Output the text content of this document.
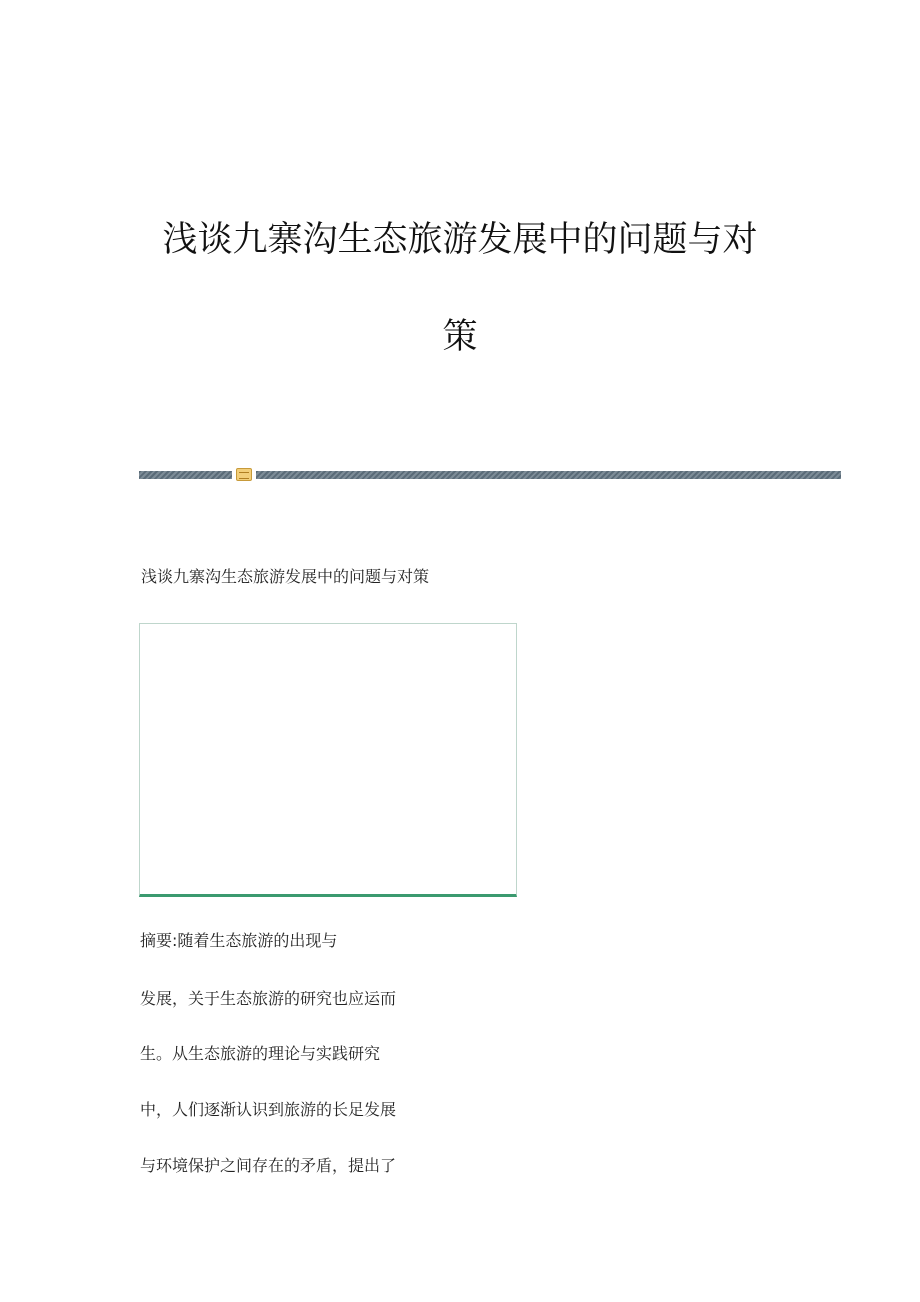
浅谈九寨沟生态旅游发展中的问题与对
策
浅谈九寨沟生态旅游发展中的问题与对策
摘要:随着生态旅游的出现与
发展，关于生态旅游的研究也应运而
生。从生态旅游的理论与实践研究
中，人们逐渐认识到旅游的长足发展
与环境保护之间存在的矛盾，提出了
